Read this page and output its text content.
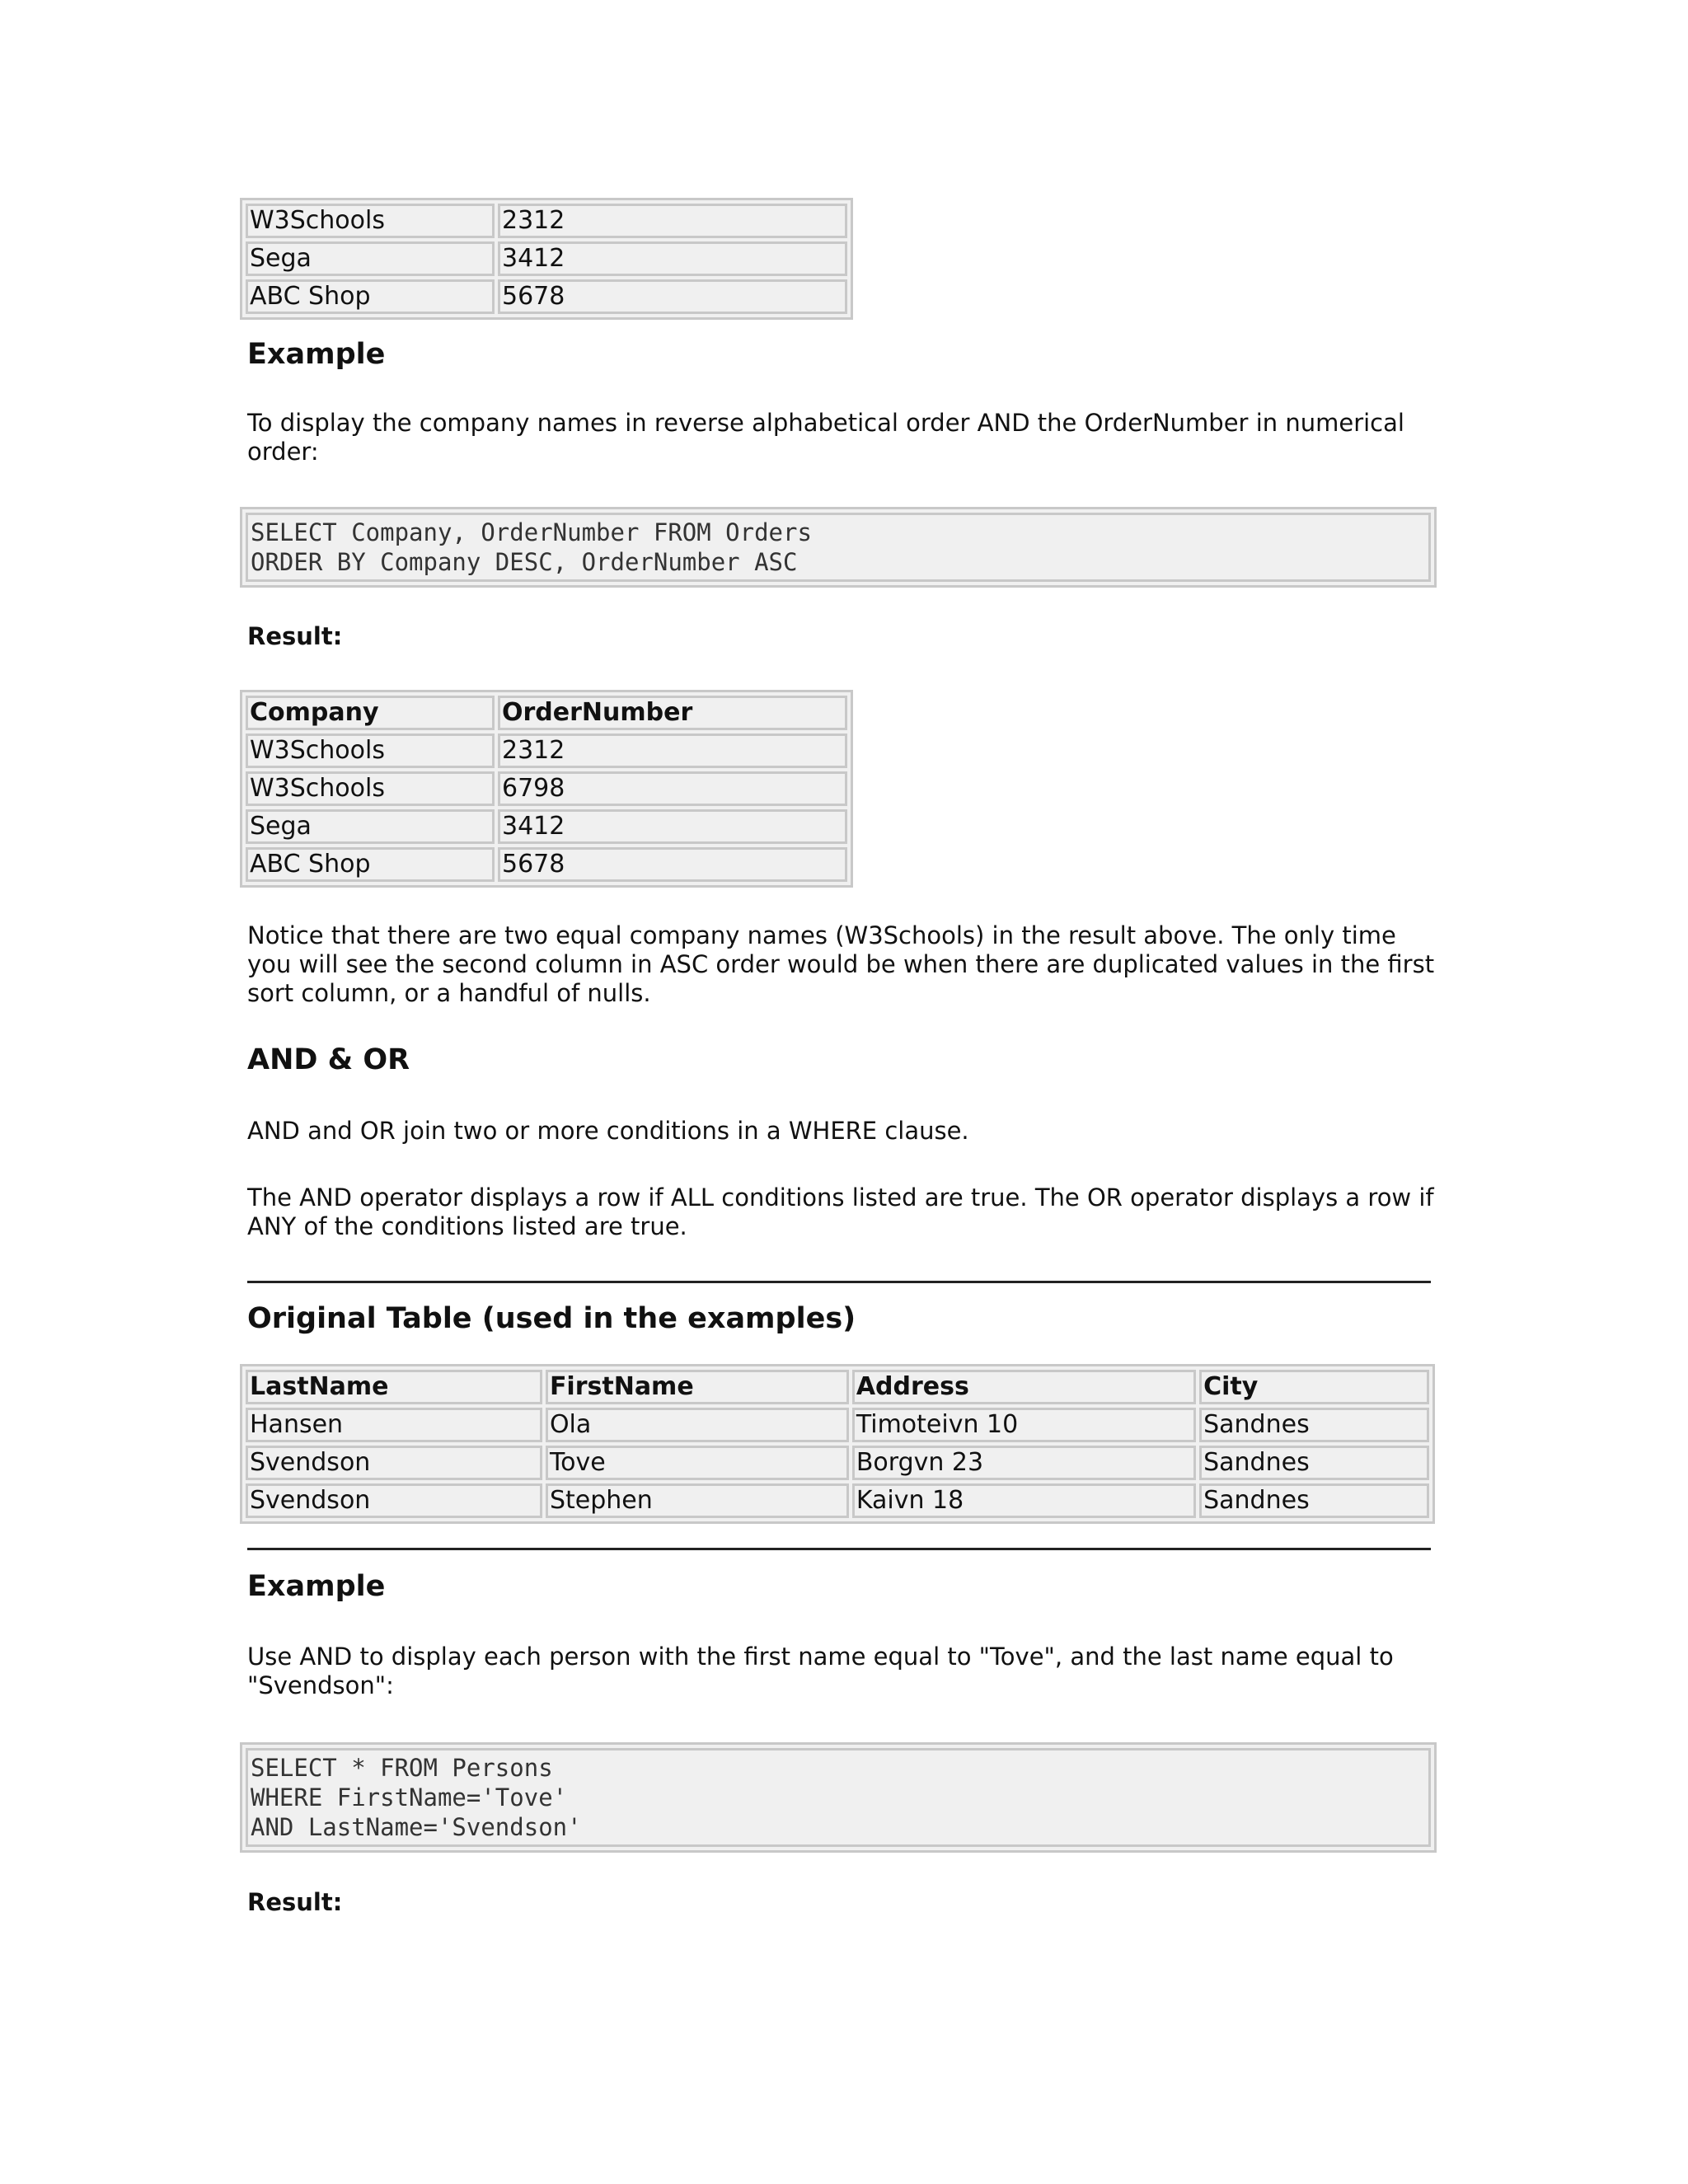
W3Schools	2312
Sega	3412
ABC Shop	5678
Example

To display the company names in reverse alphabetical order AND the OrderNumber in numerical order:

SELECT Company, OrderNumber FROM Orders
ORDER BY Company DESC, OrderNumber ASC

Result:

Company	OrderNumber
W3Schools	2312
W3Schools	6798
Sega	3412
ABC Shop	5678

Notice that there are two equal company names (W3Schools) in the result above. The only time you will see the second column in ASC order would be when there are duplicated values in the first sort column, or a handful of nulls.

AND & OR

AND and OR join two or more conditions in a WHERE clause.

The AND operator displays a row if ALL conditions listed are true. The OR operator displays a row if ANY of the conditions listed are true.

Original Table (used in the examples)
LastName	FirstName	Address	City
Hansen	Ola	Timoteivn 10	Sandnes
Svendson	Tove	Borgvn 23	Sandnes
Svendson	Stephen	Kaivn 18	Sandnes
Example

Use AND to display each person with the first name equal to "Tove", and the last name equal to "Svendson":

SELECT * FROM Persons
WHERE FirstName='Tove'
AND LastName='Svendson'

Result:
